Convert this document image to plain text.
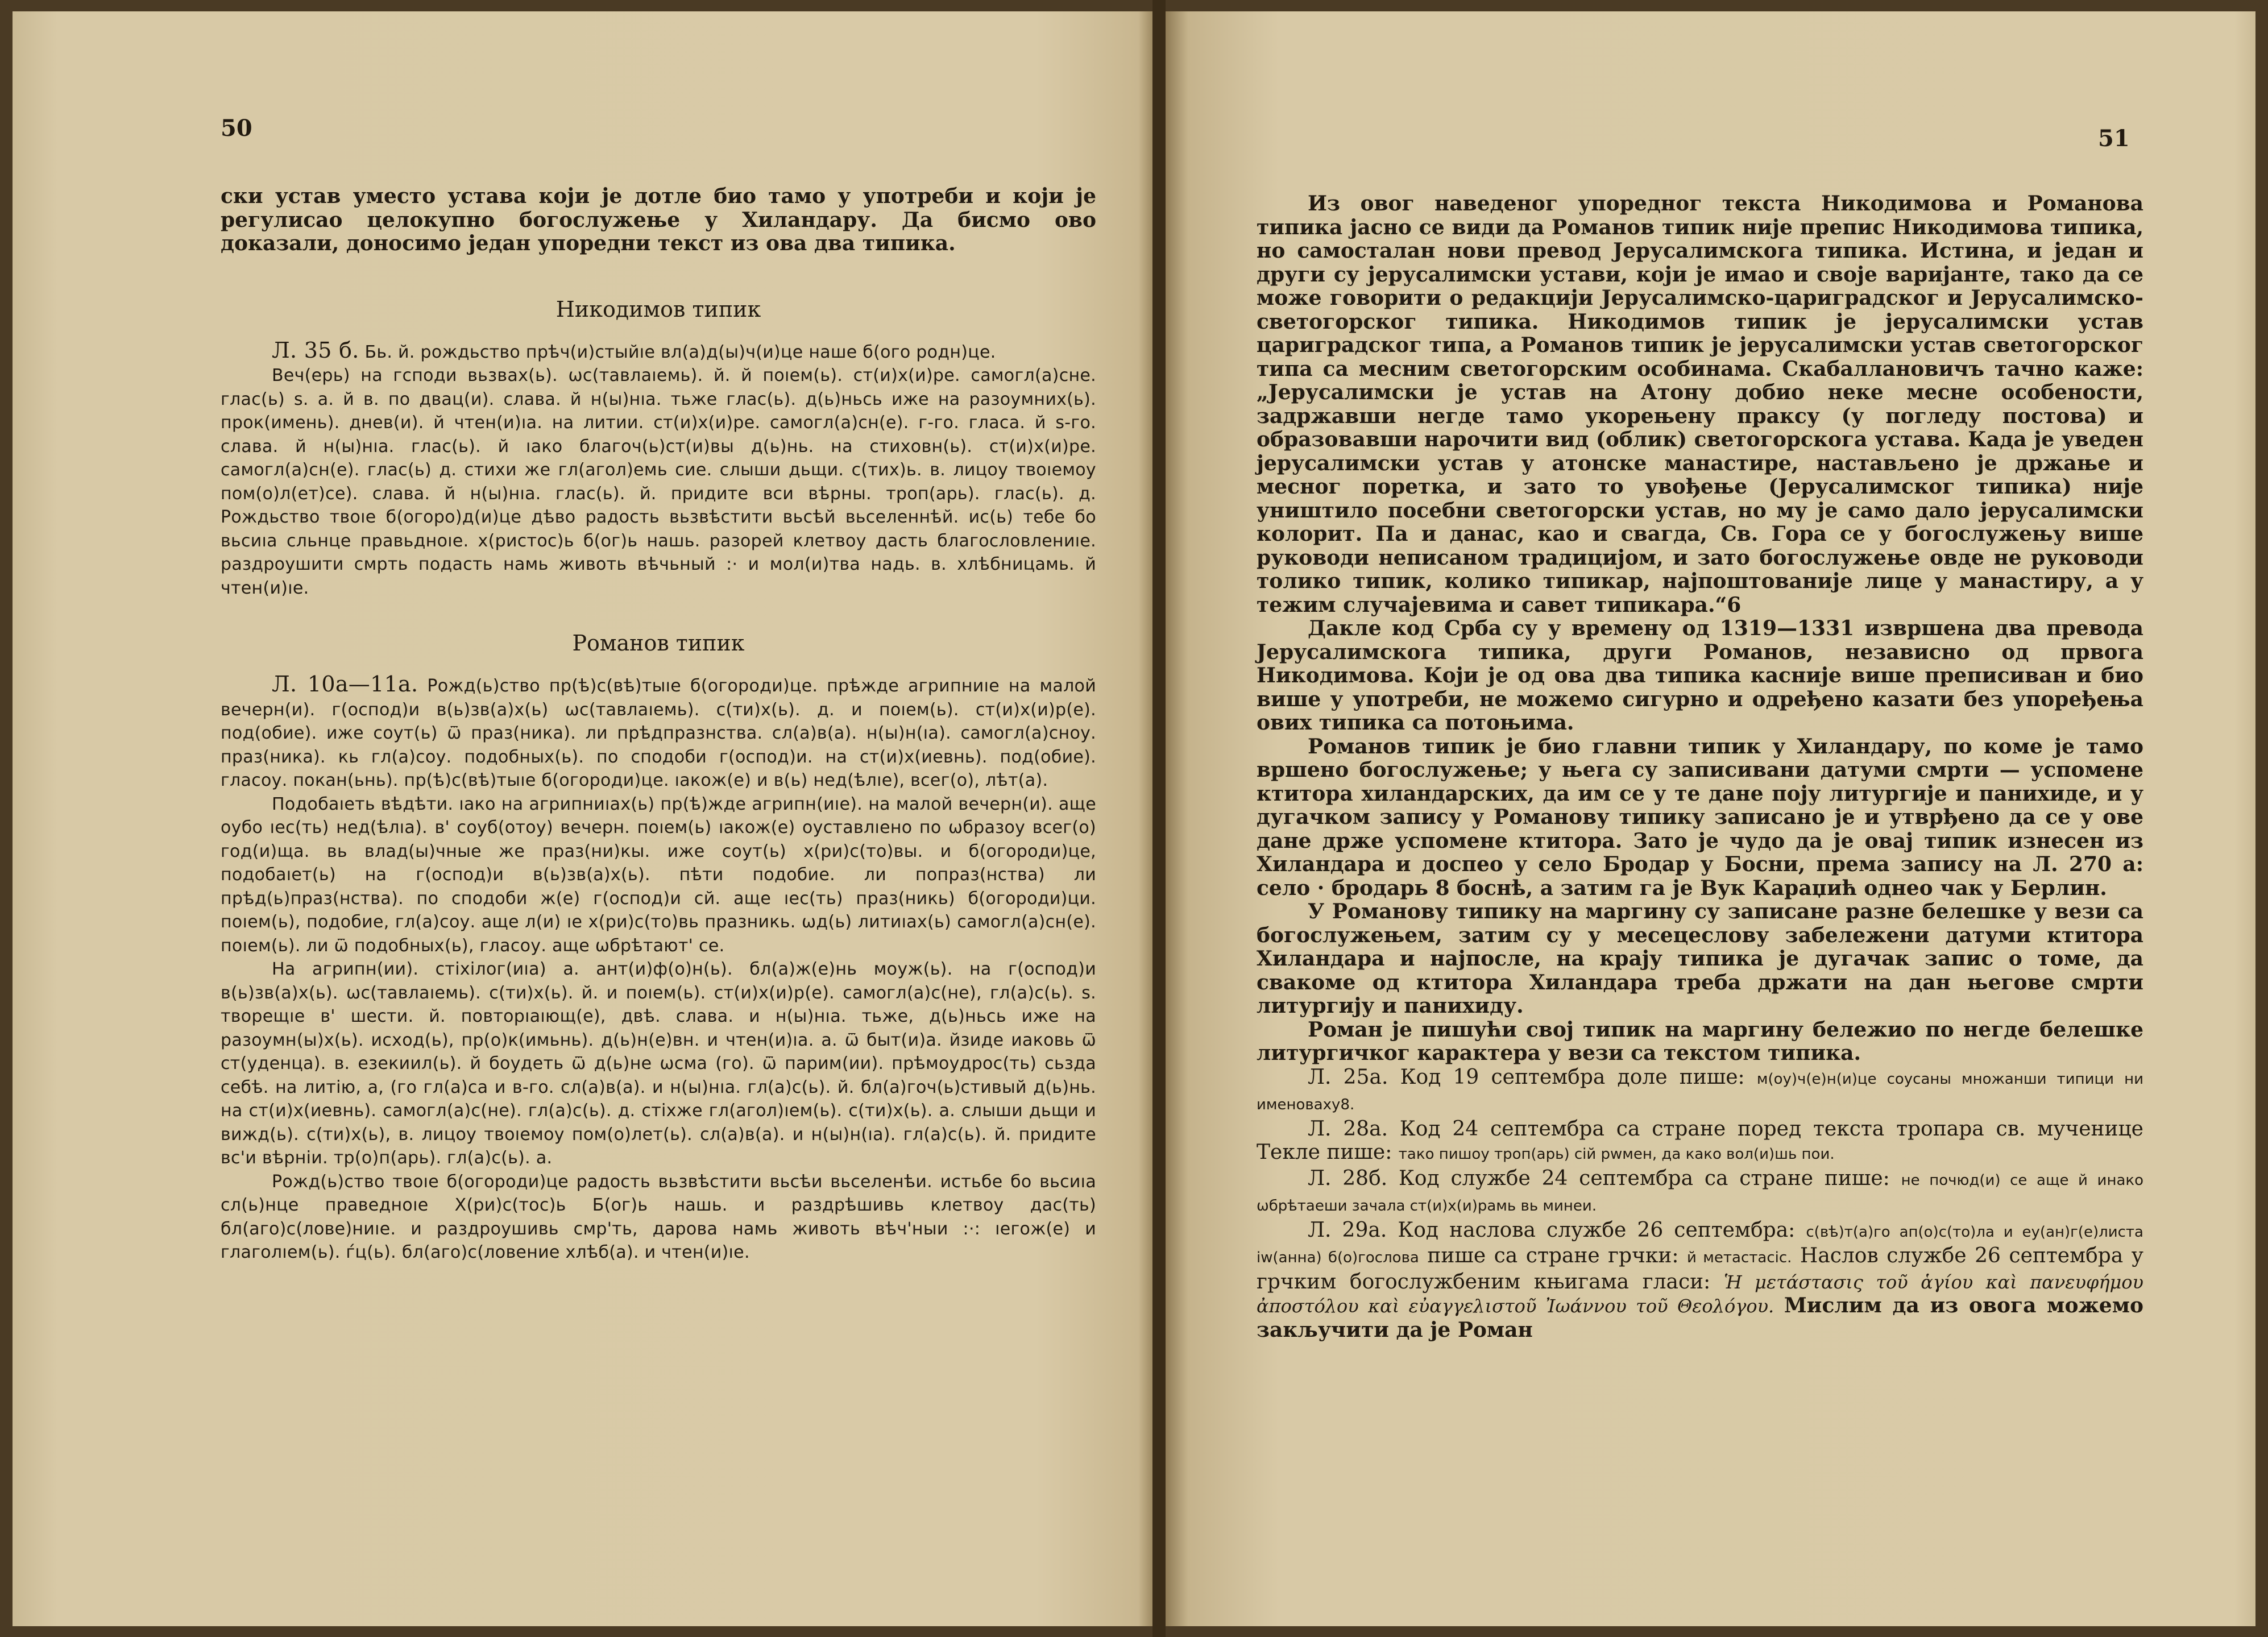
50

ски устав уместо устава који је дотле био тамо у употреби и који је регулисао целокупно богослужење у Хиландару. Да бисмо ово доказали, доносимо један упоредни текст из ова два типика.

Никодимов типик

Л. 35 б. Бь. й. рождьство прѣч(и)стыйıе вл(а)д(ы)ч(и)це наше б(ого родн)це.

Веч(ерь) на гсподи вьзвах(ь). ѡс(тавлаıемь). й. й поıем(ь). ст(и)х(и)ре. самогл(а)сне. глас(ь) ѕ. а. й в. по двац(и). слава. й н(ы)нıа. тьже глас(ь). д(ь)ньсь иже на разоумних(ь). прок(имень). днев(и). й чтен(и)ıа. на литии. ст(и)х(и)ре. самогл(а)сн(е). г-го. гласа. й ѕ-го. слава. й н(ы)нıа. глас(ь). й ıако благоч(ь)ст(и)вы д(ь)нь. на стиховн(ь). ст(и)х(и)ре. самогл(а)сн(е). глас(ь) д. стихи же гл(агол)емь сие. слыши дьщи. с(тих)ь. в. лицоу твоıемоу пом(о)л(ет)се). слава. й н(ы)нıа. глас(ь). й. придите вси вѣрны. троп(арь). глас(ь). д. Рождьство твоıе б(огоро)д(и)це дѣво радость вьзвѣстити вьсѣй вьселеннѣй. ис(ь) тебе бо вьсиıа сльнце правьдноıе. х(ристос)ь б(ог)ь нашь. разорей клетвоу дасть благословлениıе. раздроушити смрть подасть намь животь вѣчьный :· и мол(и)тва надь. в. хлѣбницамь. й чтен(и)ıе.

Романов типик

Л. 10а—11а. Рожд(ь)ство пр(ѣ)с(вѣ)тыıе б(огороди)це. прѣжде агрипниıе на малой вечерн(и). г(оспод)и в(ь)зв(а)х(ь) ѡс(тавлаıемь). с(ти)х(ь). д. и поıем(ь). ст(и)х(и)р(е). под(обие). иже соут(ь) ѿ праз(ника). ли прѣдпразнства. сл(а)в(а). н(ы)н(ıа). самогл(а)сноу. праз(ника). кь гл(а)соу. подобных(ь). по сподоби г(оспод)и. на ст(и)х(иевнь). под(обие). гласоу. покан(ьнь). пр(ѣ)с(вѣ)тыıе б(огороди)це. ıакож(е) и в(ь) нед(ѣлıе), всег(о), лѣт(а).

Подобаıеть вѣдѣти. ıако на агрипниıах(ь) пр(ѣ)жде агрипн(иıе). на малой вечерн(и). аще оубо ıес(ть) нед(ѣлıа). в' соуб(отоу) вечерн. поıем(ь) ıакож(е) оуставлıено по ѡбразоу всег(о) год(и)ща. вь влад(ы)чные же праз(ни)кы. иже соут(ь) х(ри)с(то)вы. и б(огороди)це, подобаıет(ь) на г(оспод)и в(ь)зв(а)х(ь). пѣти подобие. ли попраз(нства) ли прѣд(ь)праз(нства). по сподоби ж(е) г(оспод)и сй. аще ıес(ть) праз(никь) б(огороди)ци. поıем(ь), подобие, гл(а)соу. аще л(и) ıе х(ри)с(то)вь празникь. ѡд(ь) литиıах(ь) самогл(а)сн(е). поıем(ь). ли ѿ подобных(ь), гласоу. аще ѡбрѣтают' се.

На агрипн(ии). стіхілог(иıа) а. ант(и)ф(о)н(ь). бл(а)ж(е)нь моуж(ь). на г(оспод)и в(ь)зв(а)х(ь). ѡс(тавлаıемь). с(ти)х(ь). й. и поıем(ь). ст(и)х(и)р(е). самогл(а)с(не), гл(а)с(ь). ѕ. творещıе в' шести. й. повторıаıющ(е), двѣ. слава. и н(ы)нıа. тьже, д(ь)ньсь иже на разоумн(ы)х(ь). исход(ь), пр(о)к(имьнь). д(ь)н(е)вн. и чтен(и)ıа. а. ѿ быт(и)а. йзиде иаковь ѿ ст(уденца). в. езекиил(ь). й боудеть ѿ д(ь)не ѡсма (го). ѿ парим(ии). прѣмоудрос(ть) сьзда себѣ. на литію, а, (го гл(а)са и в-го. сл(а)в(а). и н(ы)нıа. гл(а)с(ь). й. бл(а)гоч(ь)стивый д(ь)нь. на ст(и)х(иевнь). самогл(а)с(не). гл(а)с(ь). д. стіхже гл(агол)ıем(ь). с(ти)х(ь). а. слыши дьщи и вижд(ь). с(ти)х(ь), в. лицоу твоıемоу пом(о)лет(ь). сл(а)в(а). и н(ы)н(ıа). гл(а)с(ь). й. придите вс'и вѣрніи. тр(о)п(арь). гл(а)с(ь). а.

Рожд(ь)ство твоıе б(огороди)це радость вьзвѣстити вьсѣи вьселенѣи. истьбе бо вьсиıа сл(ь)нце праведноıе Х(ри)с(тос)ь Б(ог)ь нашь. и раздрѣшивь клетвоу дас(ть) бл(аго)с(лове)ниıе. и раздроушивь смр'ть, дарова намь животь вѣч'ныи :·: ıегож(е) и глаголıем(ь). ѓц(ь). бл(аго)с(ловение хлѣб(а). и чтен(и)ıе.

51

Из овог наведеног упоредног текста Никодимова и Романова типика јасно се види да Романов типик није препис Никодимова типика, но самосталан нови превод Јерусалимскога типика. Истина, и један и други су јерусалимски устави, који је имао и своје варијанте, тако да се може говорити о редакцији Јерусалимско-цариградског и Јерусалимско-светогорског типика. Никодимов типик је јерусалимски устав цариградског типа, а Романов типик је јерусалимски устав светогорског типа са месним светогорским особинама. Скабаллановичъ тачно каже: „Јерусалимски је устав на Атону добио неке месне особености, задржавши негде тамо укорењену праксу (у погледу постова) и образовавши нарочити вид (облик) светогорскога устава. Када је уведен јерусалимски устав у атонске манастире, настављено је држање и месног поретка, и зато то увођење (Јерусалимског типика) није уништило посебни светогорски устав, но му је само дало јерусалимски колорит. Па и данас, као и свагда, Св. Гора се у богослужењу више руководи неписаном традицијом, и зато богослужење овде не руководи толико типик, колико типикар, најпоштованије лице у манастиру, а у тежим случајевима и савет типикара.“6

Дакле код Срба су у времену од 1319—1331 извршена два превода Јерусалимскога типика, други Романов, независно од првога Никодимова. Који је од ова два типика касније више преписиван и био више у употреби, не можемо сигурно и одређено казати без упоређења ових типика са потоњима.

Романов типик је био главни типик у Хиландару, по коме је тамо вршено богослужење; у њега су записивани датуми смрти — успомене ктитора хиландарских, да им се у те дане поју литургије и панихиде, и у дугачком запису у Романову типику записано је и утврђено да се у ове дане држе успомене ктитора. Зато је чудо да је овај типик изнесен из Хиландара и доспео у село Бродар у Босни, према запису на Л. 270 а: село · бродарь 8 боснѣ, а затим га је Вук Караџић однео чак у Берлин.

У Романову типику на маргину су записане разне белешке у вези са богослужењем, затим су у месецеслову забележени датуми ктитора Хиландара и најпосле, на крају типика је дугачак запис о томе, да свакоме од ктитора Хиландара треба држати на дан његове смрти литургију и панихиду.

Роман је пишући свој типик на маргину бележио по негде белешке литургичког карактера у вези са текстом типика.

Л. 25а. Код 19 септембра доле пише: м(оу)ч(е)н(и)це соусаны множанши типици ни именоваху8.

Л. 28а. Код 24 септембра са стране поред текста тропара св. мученице Текле пише: тако пишоу троп(арь) сій рwмен, да како вол(и)шь пои.

Л. 28б. Код службе 24 септембра са стране пише: не почюд(и) се аще й инако ѡбрѣтаеши зачала ст(и)х(и)рамь вь минеи.

Л. 29а. Код наслова службе 26 септембра: с(вѣ)т(а)го ап(о)с(то)ла и еу(ан)г(е)листа іw(анна) б(о)гослова пише са стране грчки: й метастасіс. Наслов службе 26 септембра у грчким богослужбеним књигама гласи: Ἡ μετάστασις τοῦ ἁγίου καὶ πανευφήμου ἀποστόλου καὶ εὐαγγελιστοῦ Ἰωάννου τοῦ Θεολόγου. Мислим да из овога можемо закључити да је Роман
